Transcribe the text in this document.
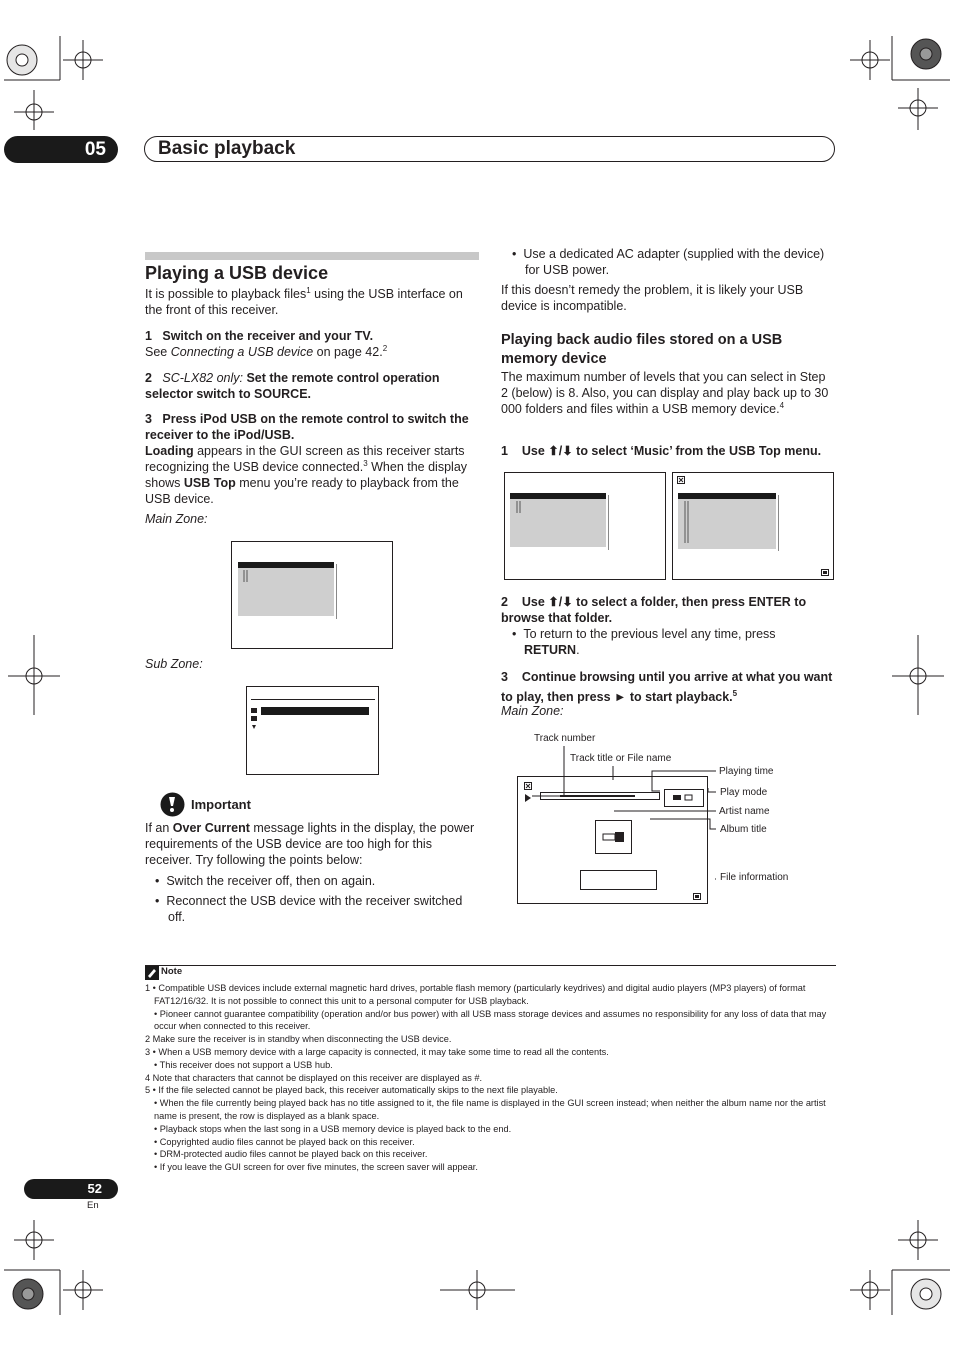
05	Basic playback
Playing a USB device
It is possible to playback files$^1$ using the USB interface on the front of this receiver.
1 Switch on the receiver and your TV.
See Connecting a USB device on page 42.$^2$
2 SC-LX82 only: Set the remote control operation selector switch to SOURCE.
3 Press iPod USB on the remote control to switch the receiver to the iPod/USB.
Loading appears in the GUI screen as this receiver starts recognizing the USB device connected.$^3$ When the display shows USB Top menu you’re ready to playback from the USB device.
Main Zone:
Sub Zone:
Important
If an Over Current message lights in the display, the power requirements of the USB device are too high for this receiver. Try following the points below:
•  Switch the receiver off, then on again.
•  Reconnect the USB device with the receiver switched off.
•  Use a dedicated AC adapter (supplied with the device) for USB power.
If this doesn’t remedy the problem, it is likely your USB device is incompatible.
Playing back audio files stored on a USB memory device
The maximum number of levels that you can select in Step 2 (below) is 8. Also, you can display and play back up to 30 000 folders and files within a USB memory device.$^4$
1 Use ⬆/⬇ to select ‘Music’ from the USB Top menu.
2 Use ⬆/⬇ to select a folder, then press ENTER to browse that folder.
•  To return to the previous level any time, press RETURN.
3 Continue browsing until you arrive at what you want to play, then press ► to start playback.$^5$
Main Zone:
Track number
Track title or File name
Playing time
Play mode
Artist name
Album title
File information
Note

1 • Compatible USB devices include external magnetic hard drives, portable flash memory (particularly keydrives) and digital audio players (MP3 players) of format FAT12/16/32. It is not possible to connect this unit to a personal computer for USB playback.

• Pioneer cannot guarantee compatibility (operation and/or bus power) with all USB mass storage devices and assumes no responsibility for any loss of data that may occur when connected to this receiver.

2 Make sure the receiver is in standby when disconnecting the USB device.

3 • When a USB memory device with a large capacity is connected, it may take some time to read all the contents.

• This receiver does not support a USB hub.

4 Note that characters that cannot be displayed on this receiver are displayed as #.

5 • If the file selected cannot be played back, this receiver automatically skips to the next file playable.

• When the file currently being played back has no title assigned to it, the file name is displayed in the GUI screen instead; when neither the album name nor the artist name is present, the row is displayed as a blank space.

• Playback stops when the last song in a USB memory device is played back to the end.

• Copyrighted audio files cannot be played back on this receiver.

• DRM-protected audio files cannot be played back on this receiver.

• If you leave the GUI screen for over five minutes, the screen saver will appear.

52
En
